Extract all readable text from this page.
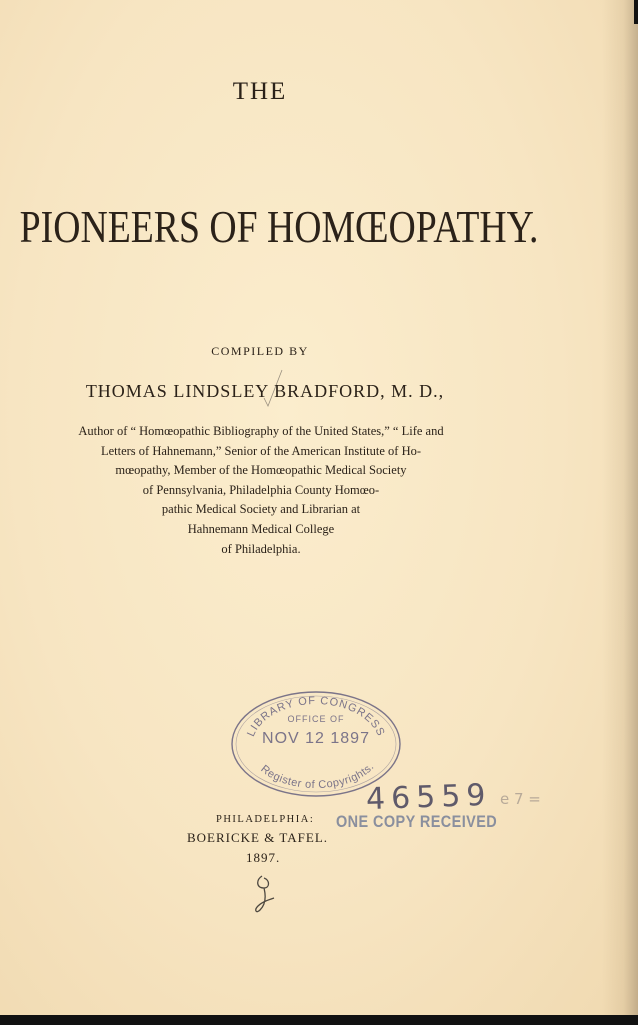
THE
PIONEERS OF HOMŒOPATHY.
COMPILED BY
THOMAS LINDSLEY BRADFORD, M. D.,
Author of “ Homœopathic Bibliography of the United States,” “ Life and
Letters of Hahnemann,” Senior of the American Institute of Ho-
mœopathy, Member of the Homœopathic Medical Society
of Pennsylvania, Philadelphia County Homœo-
pathic Medical Society and Librarian at
Hahnemann Medical College
of Philadelphia.
LIBRARY OF CONGRESS
OFFICE OF
Register of Copyrights.
NOV 12 1897
46559 e 7 =
PHILADELPHIA: ONE COPY RECEIVED
BOERICKE & TAFEL.
1897.
